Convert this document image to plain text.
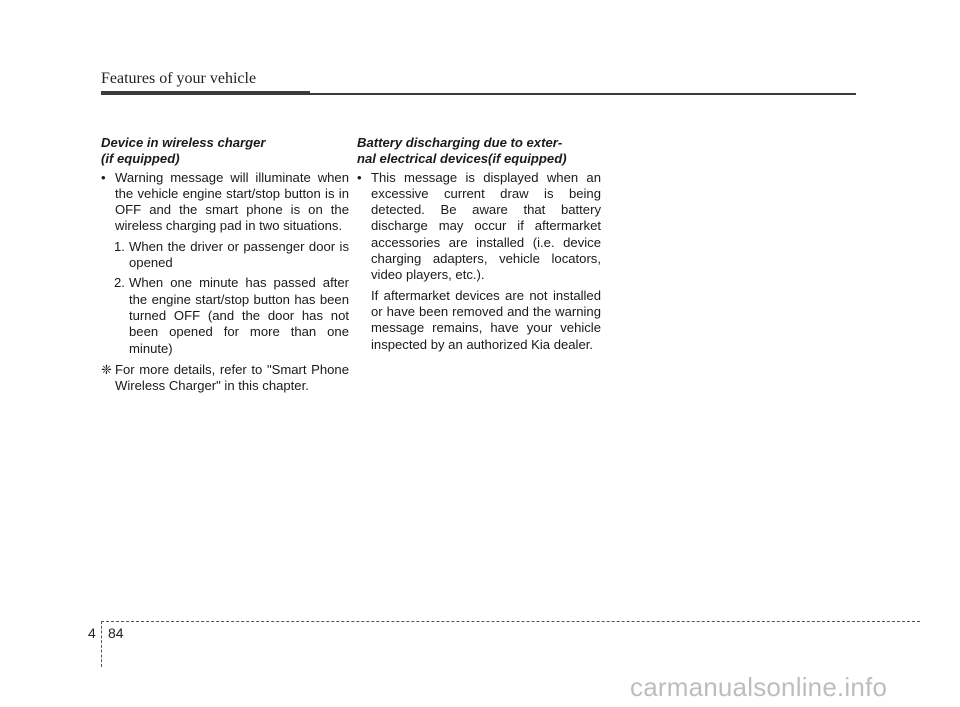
Features of your vehicle
Device in wireless charger
(if equipped)

• Warning message will illuminate when the vehicle engine start/stop button is in OFF and the smart phone is on the wireless charging pad in two situations.

1. When the driver or passenger door is opened

2. When one minute has passed after the engine start/stop button has been turned OFF (and the door has not been opened for more than one minute)

❈ For more details, refer to "Smart Phone Wireless Charger" in this chapter.

Battery discharging due to exter-
nal electrical devices(if equipped)

• This message is displayed when an excessive current draw is being detected. Be aware that battery discharge may occur if aftermarket accessories are installed (i.e. device charging adapters, vehicle locators, video players, etc.).

If aftermarket devices are not installed or have been removed and the warning message remains, have your vehicle inspected by an authorized Kia dealer.

4 84
carmanualsonline.info
